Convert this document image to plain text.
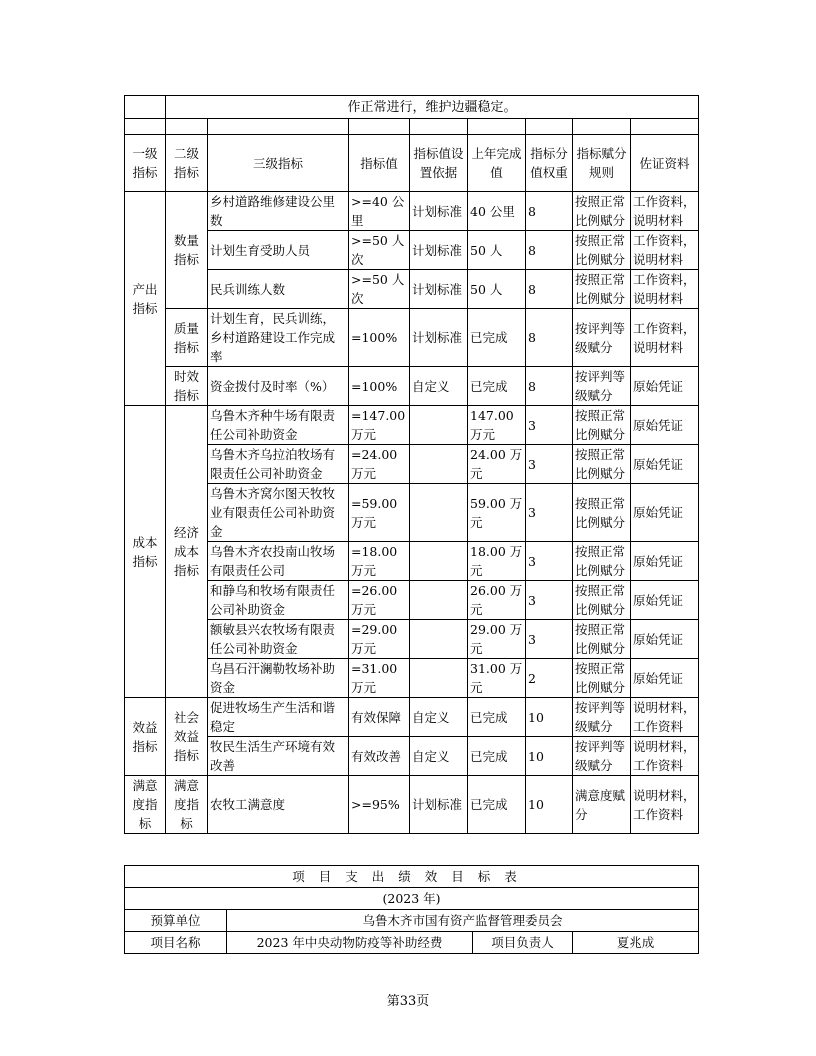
	作正常进行，维护边疆稳定。							

一级指标	二级指标	三级指标	指标值	指标值设置依据	上年完成值	指标分值权重	指标赋分规则	佐证资料
产出指标	数量指标	乡村道路维修建设公里数	>=40 公里	计划标准	40 公里	8	按照正常比例赋分	工作资料，说明材料
		计划生育受助人员	>=50 人次	计划标准	50 人	8	按照正常比例赋分	工作资料，说明材料
		民兵训练人数	>=50 人次	计划标准	50 人	8	按照正常比例赋分	工作资料，说明材料
	质量指标	计划生育，民兵训练，乡村道路建设工作完成率	=100%	计划标准	已完成	8	按评判等级赋分	工作资料，说明材料
	时效指标	资金拨付及时率（%）	=100%	自定义	已完成	8	按评判等级赋分	原始凭证
成本指标	经济成本指标	乌鲁木齐种牛场有限责任公司补助资金	=147.00 万元		147.00 万元	3	按照正常比例赋分	原始凭证
		乌鲁木齐乌拉泊牧场有限责任公司补助资金	=24.00 万元		24.00 万元	3	按照正常比例赋分	原始凭证
		乌鲁木齐窝尔图天牧牧业有限责任公司补助资金	=59.00 万元		59.00 万元	3	按照正常比例赋分	原始凭证
		乌鲁木齐农投南山牧场有限责任公司	=18.00 万元		18.00 万元	3	按照正常比例赋分	原始凭证
		和静乌和牧场有限责任公司补助资金	=26.00 万元		26.00 万元	3	按照正常比例赋分	原始凭证
		额敏县兴农牧场有限责任公司补助资金	=29.00 万元		29.00 万元	3	按照正常比例赋分	原始凭证
		乌昌石汗澜勒牧场补助资金	=31.00 万元		31.00 万元	2	按照正常比例赋分	原始凭证
效益指标	社会效益指标	促进牧场生产生活和谐稳定	有效保障	自定义	已完成	10	按评判等级赋分	说明材料，工作资料
		牧民生活生产环境有效改善	有效改善	自定义	已完成	10	按评判等级赋分	说明材料，工作资料
满意度指标	满意度指标	农牧工满意度	>=95%	计划标准	已完成	10	满意度赋分	说明材料，工作资料
项目支出绩效目标表			
(2023 年)			
预算单位	乌鲁木齐市国有资产监督管理委员会		
项目名称	2023 年中央动物防疫等补助经费	项目负责人	夏兆成
第33页
